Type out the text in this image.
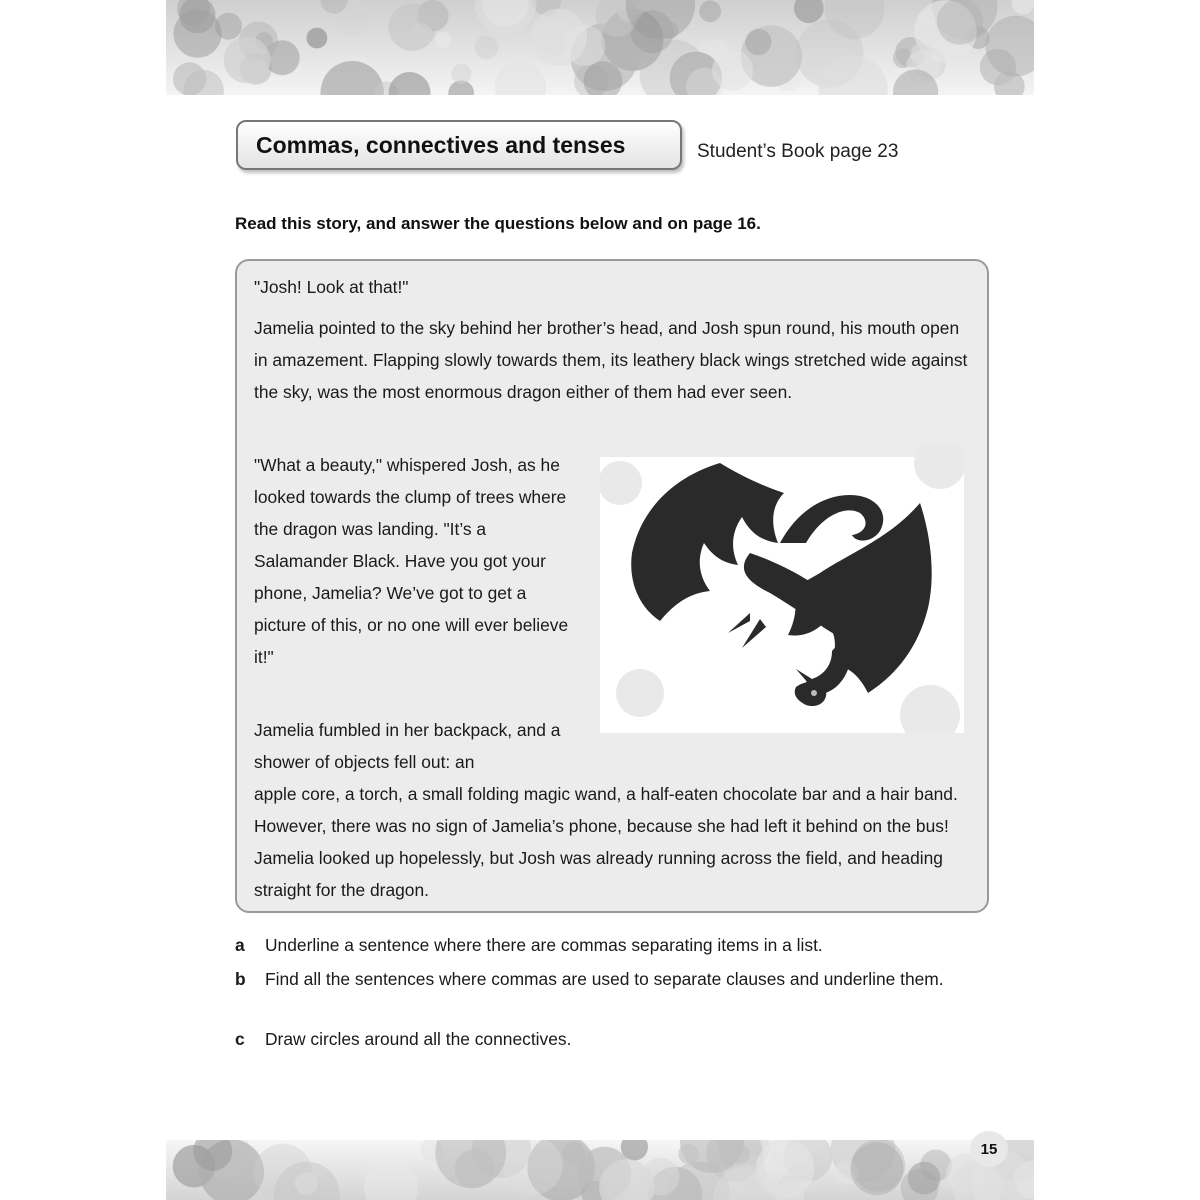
Commas, connectives and tenses	Student’s Book page 23
Read this story, and answer the questions below and on page 16.

"Josh! Look at that!"

Jamelia pointed to the sky behind her brother’s head, and Josh spun round, his mouth open in amazement. Flapping slowly towards them, its leathery black wings stretched wide against the sky, was the most enormous dragon either of them had ever seen.

"What a beauty," whispered Josh, as he looked towards the clump of trees where the dragon was landing. "It’s a Salamander Black. Have you got your phone, Jamelia? We’ve got to get a picture of this, or no one will ever believe it!"

Jamelia fumbled in her backpack, and a shower of objects fell out: an

apple core, a torch, a small folding magic wand, a half-eaten chocolate bar and a hair band. However, there was no sign of Jamelia’s phone, because she had left it behind on the bus! Jamelia looked up hopelessly, but Josh was already running across the field, and heading straight for the dragon.

a Underline a sentence where there are commas separating items in a list.
b Find all the sentences where commas are used to separate clauses and underline them.
c Draw circles around all the connectives.
15
